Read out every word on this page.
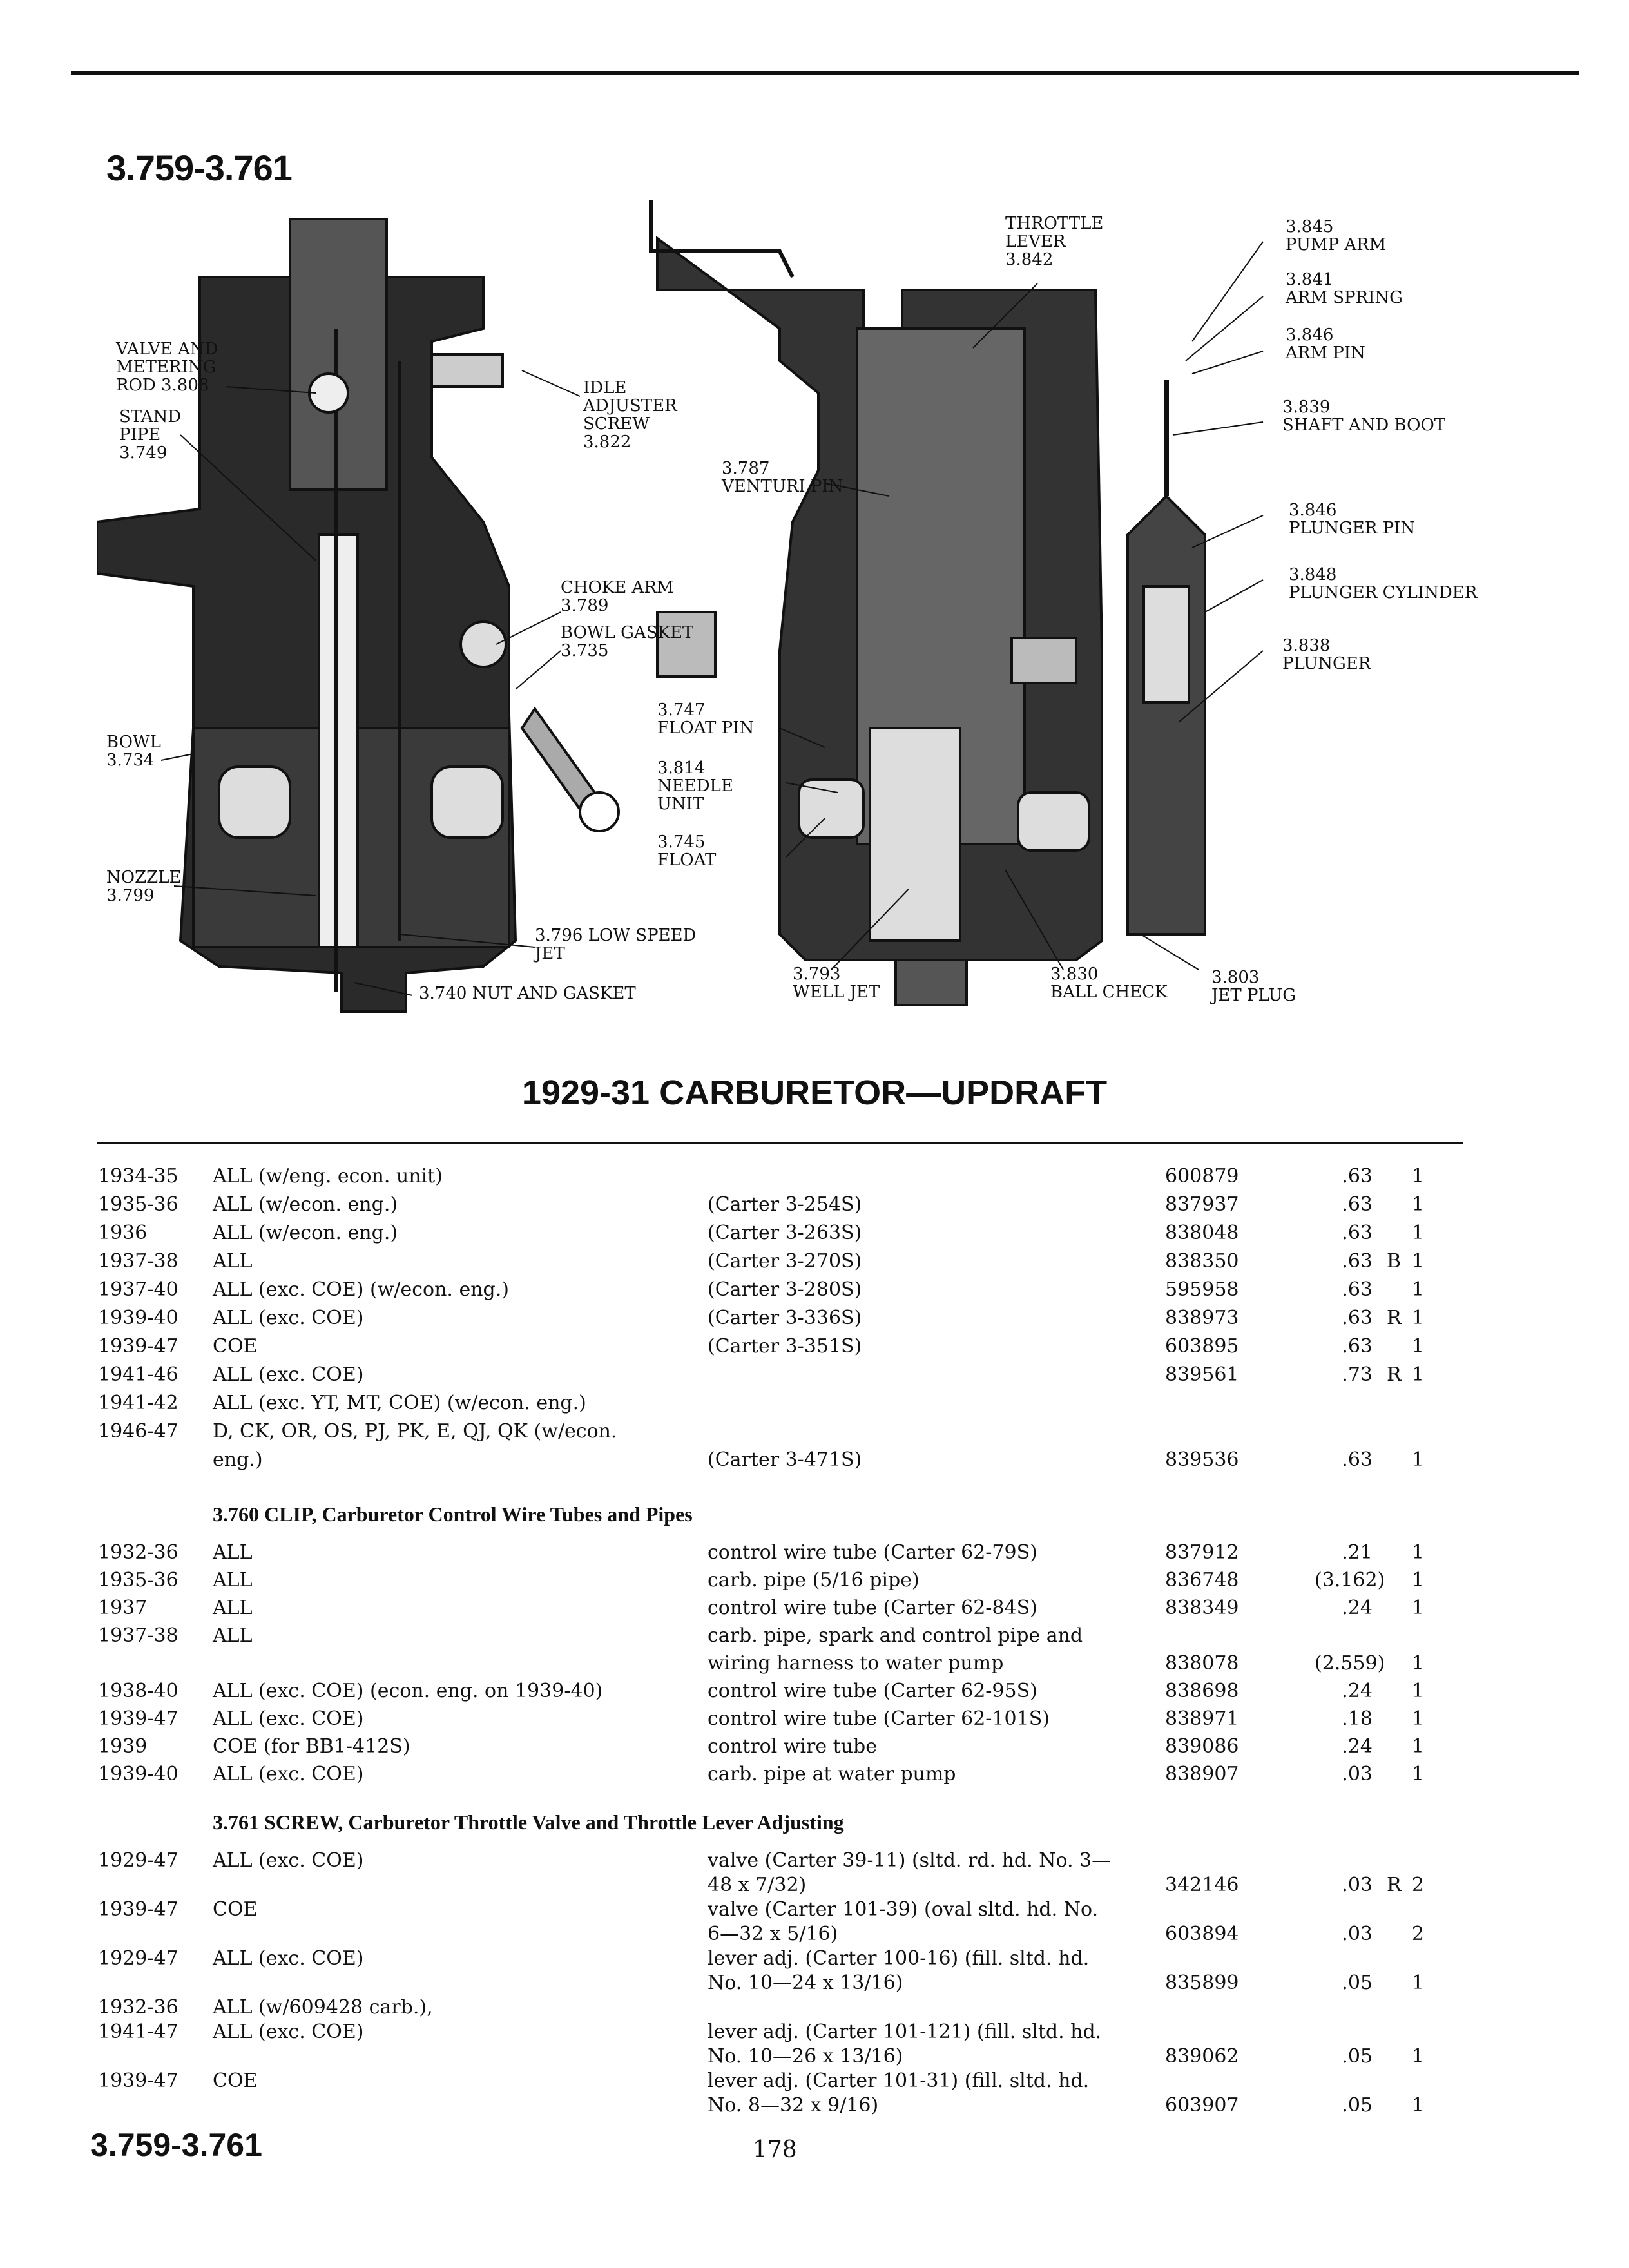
3.759-3.761
VALVE AND METERING ROD 3.808
STAND PIPE 3.749
IDLE ADJUSTER SCREW 3.822
CHOKE ARM 3.789
BOWL GASKET 3.735
BOWL 3.734
NOZZLE 3.799
3.796 LOW SPEED JET
3.740 NUT AND GASKET
THROTTLE LEVER 3.842
3.845 PUMP ARM
3.841 ARM SPRING
3.846 ARM PIN
3.839 SHAFT AND BOOT
3.787 VENTURI PIN
3.846 PLUNGER PIN
3.848 PLUNGER CYLINDER
3.838 PLUNGER
3.747 FLOAT PIN
3.814 NEEDLE UNIT
3.745 FLOAT
3.793 WELL JET
3.830 BALL CHECK
3.803 JET PLUG
1929-31 CARBURETOR—UPDRAFT
1934-35 ALL (w/eng. econ. unit)	600879	.63	1
1935-36 ALL (w/econ. eng.)	(Carter 3-254S)	837937	.63	1
1936	ALL (w/econ. eng.)	(Carter 3-263S)	838048	.63	1
1937-38 ALL	(Carter 3-270S)	838350	.63 B 1
1937-40 ALL (exc. COE) (w/econ. eng.)	(Carter 3-280S)	595958	.63	1
1939-40 ALL (exc. COE)	(Carter 3-336S)	838973	.63 R 1
1939-47 COE	(Carter 3-351S)	603895	.63	1
1941-46 ALL (exc. COE)	839561	.73 R 1
1941-42 ALL (exc. YT, MT, COE) (w/econ. eng.)
1946-47 D, CK, OR, OS, PJ, PK, E, QJ, QK (w/econ.
eng.)	(Carter 3-471S)	839536	.63	1
3.760 CLIP, Carburetor Control Wire Tubes and Pipes
1932-36 ALL	control wire tube (Carter 62-79S)	837912	.21	1
1935-36 ALL	carb. pipe (5/16 pipe)	836748	(3.162)	1
1937	ALL	control wire tube (Carter 62-84S)	838349	.24	1
1937-38 ALL	carb. pipe, spark and control pipe and
wiring harness to water pump	838078	(2.559)	1
1938-40 ALL (exc. COE) (econ. eng. on 1939-40)	control wire tube (Carter 62-95S)	838698	.24	1
1939-47 ALL (exc. COE)	control wire tube (Carter 62-101S)	838971	.18	1
1939	COE (for BB1-412S)	control wire tube	839086	.24	1
1939-40 ALL (exc. COE)	carb. pipe at water pump	838907	.03	1
3.761 SCREW, Carburetor Throttle Valve and Throttle Lever Adjusting
1929-47 ALL (exc. COE)	valve (Carter 39-11) (sltd. rd. hd. No. 3—
48 x 7/32)	342146	.03 R 2
1939-47 COE	valve (Carter 101-39) (oval sltd. hd. No.
6—32 x 5/16)	603894	.03	2
1929-47 ALL (exc. COE)	lever adj. (Carter 100-16) (fill. sltd. hd.
No. 10—24 x 13/16)	835899	.05	1
1932-36 ALL (w/609428 carb.),
1941-47 ALL (exc. COE)	lever adj. (Carter 101-121) (fill. sltd. hd.
No. 10—26 x 13/16)	839062	.05	1
1939-47 COE	lever adj. (Carter 101-31) (fill. sltd. hd.
No. 8—32 x 9/16)	603907	.05	1
3.759-3.761	178
